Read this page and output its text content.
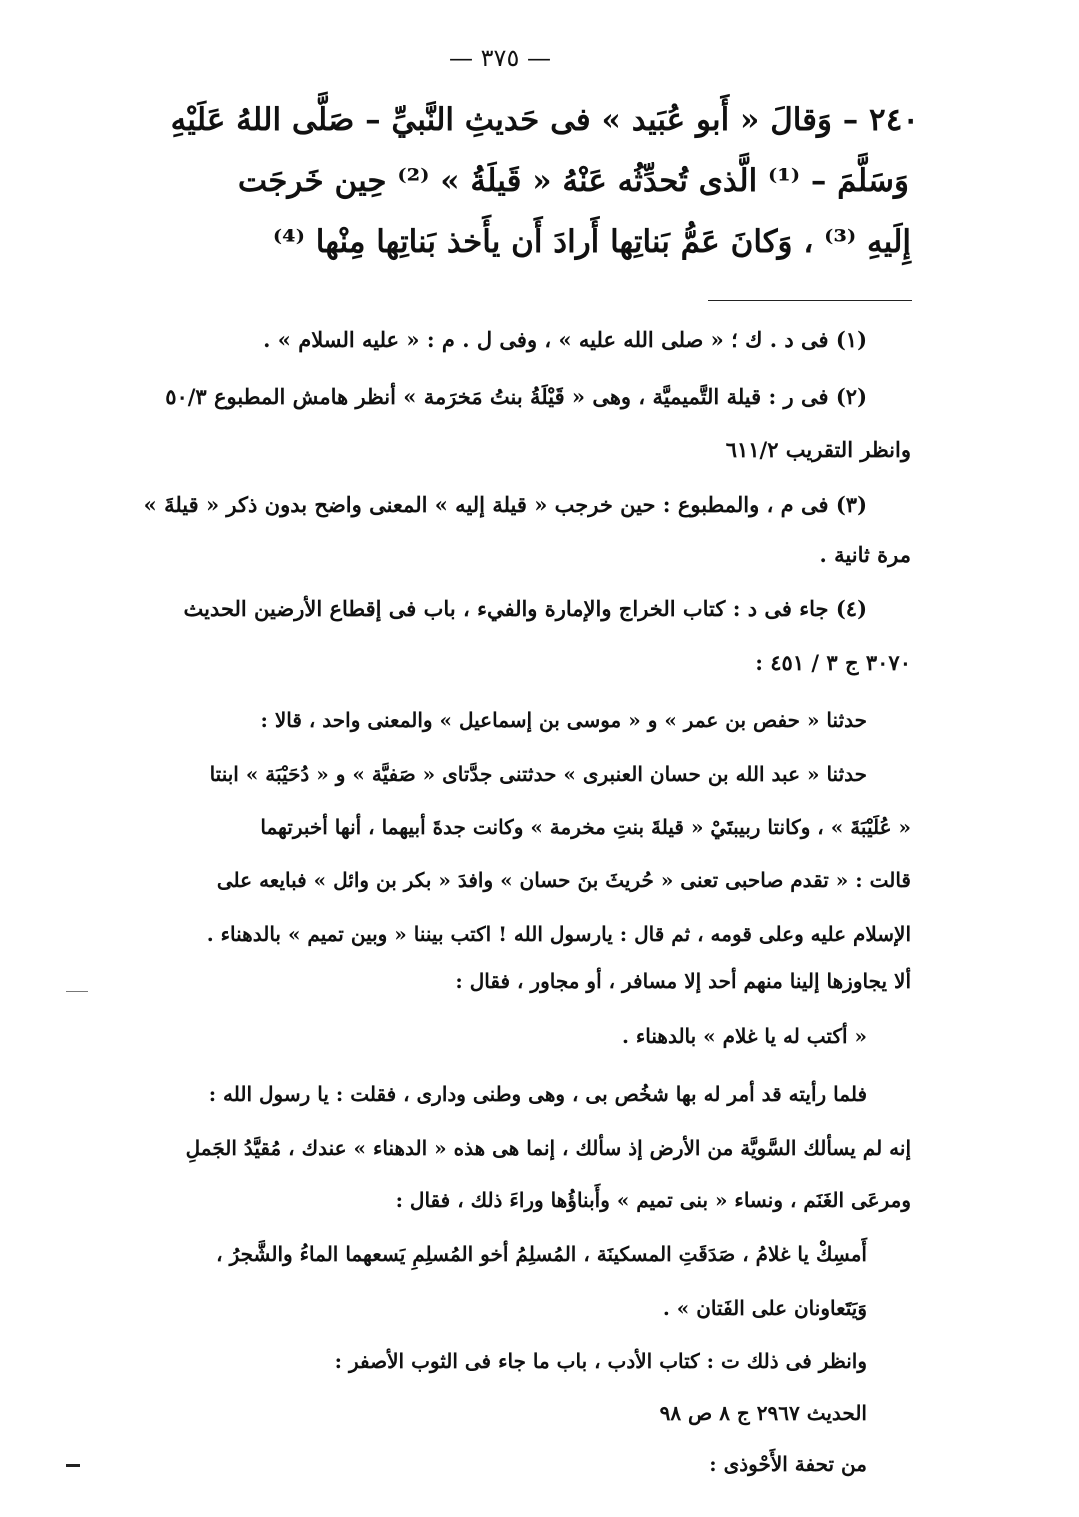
— ٣٧٥ —
٢٤٠ – وَقالَ « أَبو عُبَيد » فى حَديثِ النَّبيِّ – صَلَّى اللهُ عَلَيْهِ
وَسَلَّمَ – ⁽¹⁾ الَّذى تُحدِّثُه عَنْهُ « قَيلَةُ » ⁽²⁾ حِين خَرجَت
إِلَيهِ ⁽³⁾ ، وَكانَ عَمُّ بَناتِها أَرادَ أَن يأَخذ بَناتِها مِنْها ⁽⁴⁾
(١) فى د . ك ؛ « صلى الله عليه » ، وفى ل . م : « عليه السلام » .
(٢) فى ر : قيلة التَّميميَّة ، وهى « قَيْلَةُ بنتُ مَخرَمة » أنظر هامش المطبوع ٥٠/٣
وانظر التقريب ٦١١/٢
(٣) فى م ، والمطبوع : حين خرجب « قيلة إليه » المعنى واضح بدون ذكر « قيلةَ »
مرة ثانية .
(٤) جاء فى د : كتاب الخراج والإمارة والفيء ، باب فى إقطاع الأرضين الحديث
٣٠٧٠ ج ٣ / ٤٥١ :
حدثنا « حفص بن عمر » و « موسى بن إسماعيل » والمعنى واحد ، قالا :
حدثنا « عبد الله بن حسان العنبرى » حدثتنى جدَّتاى « صَفيَّة » و « دُحَيْبَة » ابنتا
« عُلَيْبَةَ » ، وكانتا ربيبتَيْ « قيلةَ بنتِ مخرمة » وكانت جدةَ أبيهما ، أنها أخبرتهما
قالت : « تقدم صاحبى تعنى « حُريثَ بنَ حسان » وافدَ « بكر بن وائل » فبايعه على
الإسلام عليه وعلى قومه ، ثم قال : يارسول الله ! اكتب بيننا « وبين تميم » بالدهناء .
ألا يجاوزها إلينا منهم أحد إلا مسافر ، أو مجاور ، فقال :
« أكتب له يا غلام » بالدهناء .
فلما رأيته قد أمر له بها شخُص بى ، وهى وطنى ودارى ، فقلت : يا رسول الله :
إنه لم يسألك السَّويَّة من الأرض إذ سألك ، إنما هى هذه « الدهناء » عندك ، مُقيَّدُ الجَملِ
ومرعَى الغَنَم ، ونساء « بنى تميم » وأَبناؤُها وراءَ ذلك ، فقال :
أَمسِكْ يا غلامُ ، صَدَقَتِ المسكينَة ، المُسلِمُ أخو المُسلِمِ يَسعهما الماءُ والشَّجرُ ،
وَيَتَعاونان على الفَتان » .
وانظر فى ذلك ت : كتاب الأدب ، باب ما جاء فى الثوب الأصفر :
الحديث ٢٩٦٧ ج ٨ ص ٩٨
من تحفة الأَحْوذى :
